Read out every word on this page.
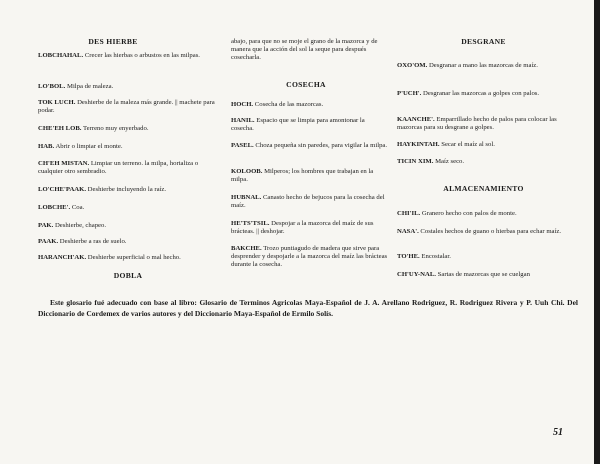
DES HIERBE
LOBCHAHAL. Crecer las hierbas o arbustos en las milpas.
LO'BOL. Milpa de maleza.
TOK LUCH. Deshierbe de la maleza más grande. || machete para podar.
CHE'EH LOB. Terreno muy enyerbado.
HAB. Abrir o limpiar el monte.
CH'EH MISTAN. Limpiar un terreno. la milpa, hortaliza o cualquier otro sembradio.
LO'CHE'PAAK. Deshierbe incluyendo la raíz.
LOBCHE'. Coa.
PAK. Deshierbe, chapeo.
PAAK. Deshierbe a ras de suelo.
HARANCH'AK. Deshierbe superficial o mal hecho.
DOBLA
abajo, para que no se moje el grano de la mazorca y de manera que la acción del sol la seque para después cosecharla.
COSECHA
HOCH. Cosecha de las mazorcas.
HANIL. Espacio que se limpia para amontonar la cosecha.
PASEL. Choza pequeña sin paredes, para vigilar la milpa.
KOLOOB. Milperos; los hombres que trabajan en la milpa.
HUBNAL. Canasto hecho de bejucos para la cosecha del maíz.
HE'TS'TSIL. Despojar a la mazorca del maíz de sus brácteas. || deshojar.
BAKCHE. Trozo puntiagudo de madera que sirve para desprender y despojarle a la mazorca del maíz las brácteas durante la cosecha.
DESGRANE
OXO'OM. Desgranar a mano las mazorcas de maíz.
P'UCH'. Desgranar las mazorcas a golpes con palos.
KAANCHE'. Emparrillado hecho de palos para colocar las mazorcas para su desgrane a golpes.
HAYKINTAH. Secar el maíz al sol.
TICIN XIM. Maíz seco.
ALMACENAMIENTO
CHI'IL. Granero hecho con palos de monte.
NASA'. Costales hechos de guano o hierbas para echar maíz.
TO'HE. Encostalar.
CH'UY-NAL. Sartas de mazorcas que se cuelgan
Este glosario fué adecuado con base al libro: Glosario de Terminos Agricolas Maya-Español de J. A. Arellano Rodriguez, R. Rodriguez Rivera y P. Uuh Chi. Del Diccionario de Cordemex de varios autores y del Diccionario Maya-Español de Ermilo Solís.
51
